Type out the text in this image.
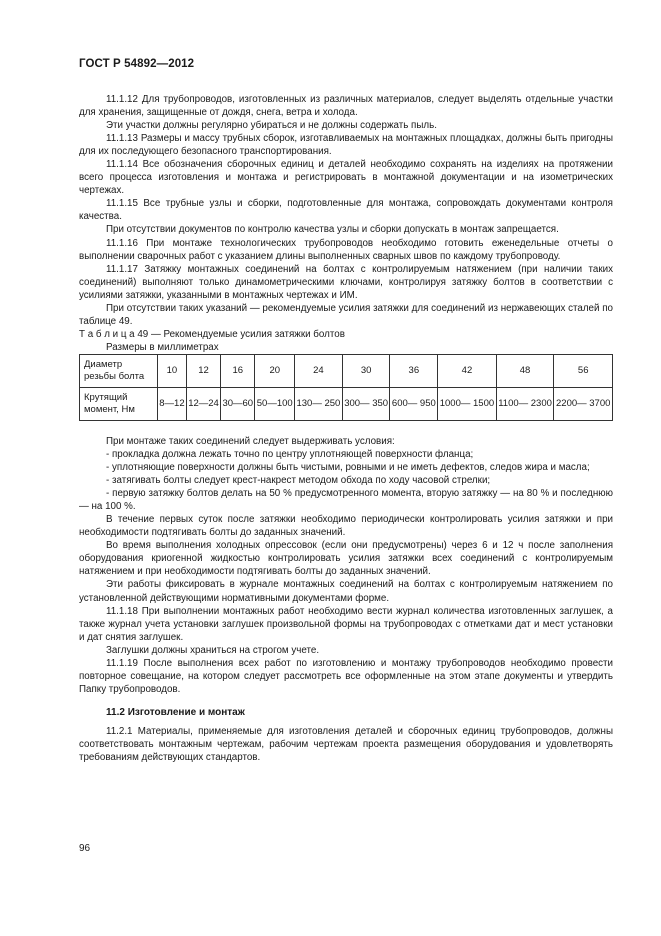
ГОСТ Р 54892—2012

11.1.12 Для трубопроводов, изготовленных из различных материалов, следует выделять отдельные участки для хранения, защищенные от дождя, снега, ветра и холода.

Эти участки должны регулярно убираться и не должны содержать пыль.

11.1.13 Размеры и массу трубных сборок, изготавливаемых на монтажных площадках, должны быть пригодны для их последующего безопасного транспортирования.

11.1.14 Все обозначения сборочных единиц и деталей необходимо сохранять на изделиях на протяжении всего процесса изготовления и монтажа и регистрировать в монтажной документации и на изометрических чертежах.

11.1.15 Все трубные узлы и сборки, подготовленные для монтажа, сопровождать документами контроля качества.

При отсутствии документов по контролю качества узлы и сборки допускать в монтаж запрещается.

11.1.16 При монтаже технологических трубопроводов необходимо готовить еженедельные отчеты о выполнении сварочных работ с указанием длины выполненных сварных швов по каждому трубопроводу.

11.1.17 Затяжку монтажных соединений на болтах с контролируемым натяжением (при наличии таких соединений) выполняют только динамометрическими ключами, контролируя затяжку болтов в соответствии с усилиями затяжки, указанными в монтажных чертежах и ИМ.

При отсутствии таких указаний — рекомендуемые усилия затяжки для соединений из нержавеющих сталей по таблице 49.

Т а б л и ц а 49 — Рекомендуемые усилия затяжки болтов

Размеры в миллиметрах

Диаметр резьбы болта	10	12	16	20	24	30	36	42	48	56
Крутящий момент, Нм	8—12	12—24	30—60	50—100	130— 250	300— 350	600— 950	1000— 1500	1100— 2300	2200— 3700

При монтаже таких соединений следует выдерживать условия:

- прокладка должна лежать точно по центру уплотняющей поверхности фланца;

- уплотняющие поверхности должны быть чистыми, ровными и не иметь дефектов, следов жира и масла;

- затягивать болты следует крест-накрест методом обхода по ходу часовой стрелки;

- первую затяжку болтов делать на 50 % предусмотренного момента, вторую затяжку — на 80 % и последнюю — на 100 %.

В течение первых суток после затяжки необходимо периодически контролировать усилия затяжки и при необходимости подтягивать болты до заданных значений.

Во время выполнения холодных опрессовок (если они предусмотрены) через 6 и 12 ч после заполнения оборудования криогенной жидкостью контролировать усилия затяжки всех соединений с контролируемым натяжением и при необходимости подтягивать болты до заданных значений.

Эти работы фиксировать в журнале монтажных соединений на болтах с контролируемым натяжением по установленной действующими нормативными документами форме.

11.1.18 При выполнении монтажных работ необходимо вести журнал количества изготовленных заглушек, а также журнал учета установки заглушек произвольной формы на трубопроводах с отметками дат и мест установки и дат снятия заглушек.

Заглушки должны храниться на строгом учете.

11.1.19 После выполнения всех работ по изготовлению и монтажу трубопроводов необходимо провести повторное совещание, на котором следует рассмотреть все оформленные на этом этапе документы и утвердить Папку трубопроводов.

11.2 Изготовление и монтаж

11.2.1 Материалы, применяемые для изготовления деталей и сборочных единиц трубопроводов, должны соответствовать монтажным чертежам, рабочим чертежам проекта размещения оборудования и удовлетворять требованиям действующих стандартов.

96
